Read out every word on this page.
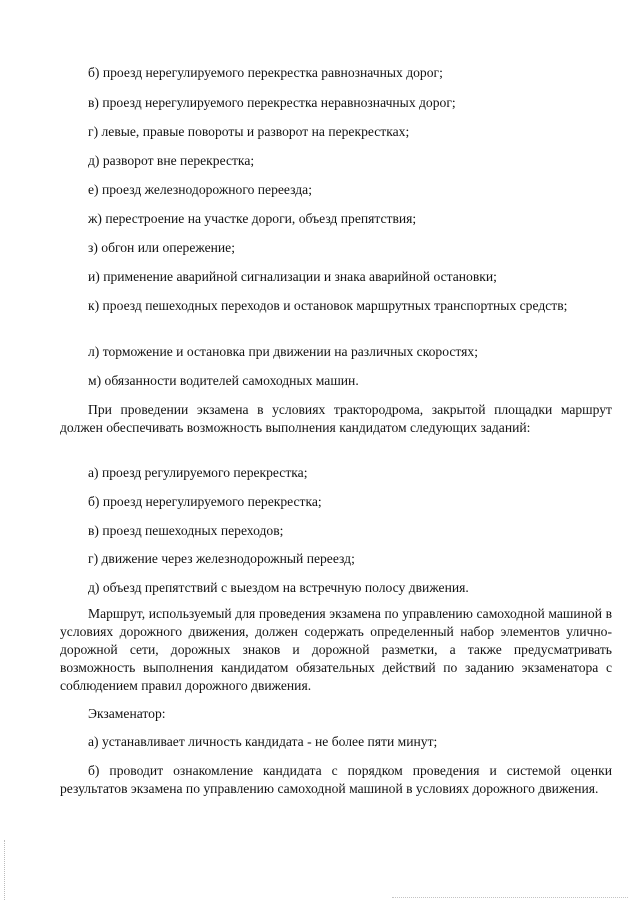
б) проезд нерегулируемого перекрестка равнозначных дорог;

в) проезд нерегулируемого перекрестка неравнозначных дорог;

г) левые, правые повороты и разворот на перекрестках;

д) разворот вне перекрестка;

е) проезд железнодорожного переезда;

ж) перестроение на участке дороги, объезд препятствия;

з) обгон или опережение;

и) применение аварийной сигнализации и знака аварийной остановки;

к) проезд пешеходных переходов и остановок маршрутных транспортных средств;

л) торможение и остановка при движении на различных скоростях;

м) обязанности водителей самоходных машин.

При проведении экзамена в условиях трактородрома, закрытой площадки маршрут должен обеспечивать возможность выполнения кандидатом следующих заданий:

а) проезд регулируемого перекрестка;

б) проезд нерегулируемого перекрестка;

в) проезд пешеходных переходов;

г) движение через железнодорожный переезд;

д) объезд препятствий с выездом на встречную полосу движения.

Маршрут, используемый для проведения экзамена по управлению самоходной машиной в условиях дорожного движения, должен содержать определенный набор элементов улично-дорожной сети, дорожных знаков и дорожной разметки, а также предусматривать возможность выполнения кандидатом обязательных действий по заданию экзаменатора с соблюдением правил дорожного движения.

Экзаменатор:

а) устанавливает личность кандидата - не более пяти минут;

б) проводит ознакомление кандидата с порядком проведения и системой оценки результатов экзамена по управлению самоходной машиной в условиях дорожного движения.
